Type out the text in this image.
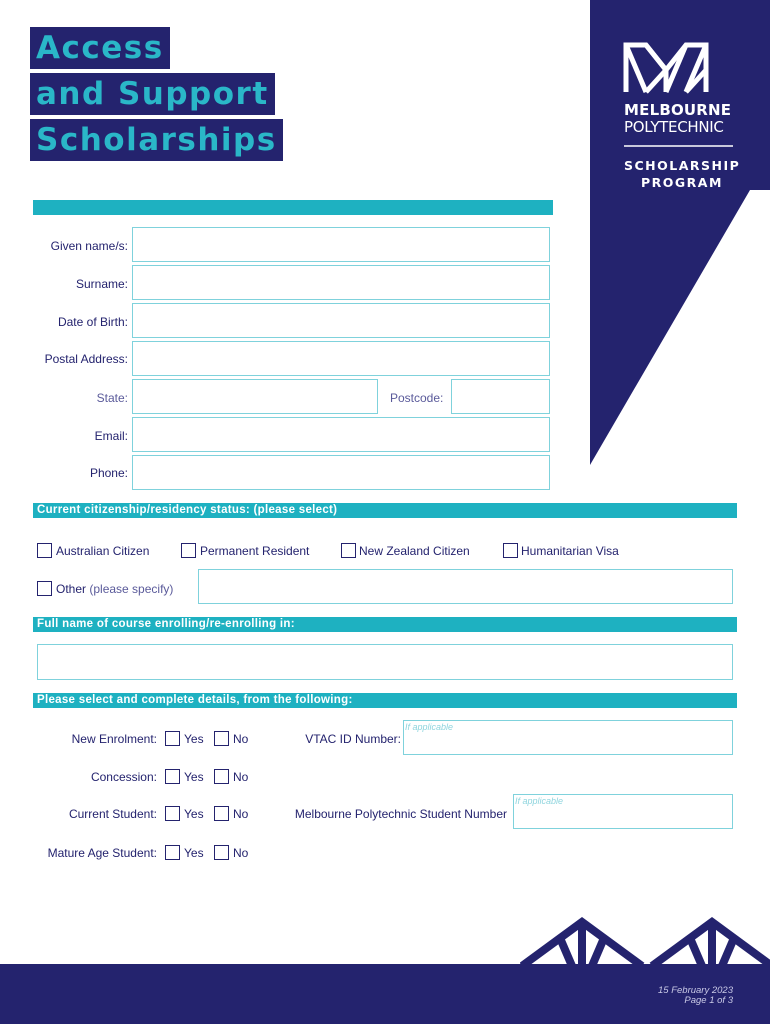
Access
and Support
Scholarships
MELBOURNE
POLYTECHNIC
SCHOLARSHIP
PROGRAM
Given name/s:
Surname:
Date of Birth:
Postal Address:
State:	Postcode:
Email:
Phone:
Current citizenship/residency status: (please select)
Australian Citizen	Permanent Resident	New Zealand Citizen	Humanitarian Visa
Other (please specify)
Full name of course enrolling/re-enrolling in:
Please select and complete details, from the following:
New Enrolment: Yes No	VTAC ID Number:
If applicable
Concession: Yes No
Current Student: Yes No	Melbourne Polytechnic Student Number
If applicable
Mature Age Student: Yes No
15 February 2023
Page 1 of 3
